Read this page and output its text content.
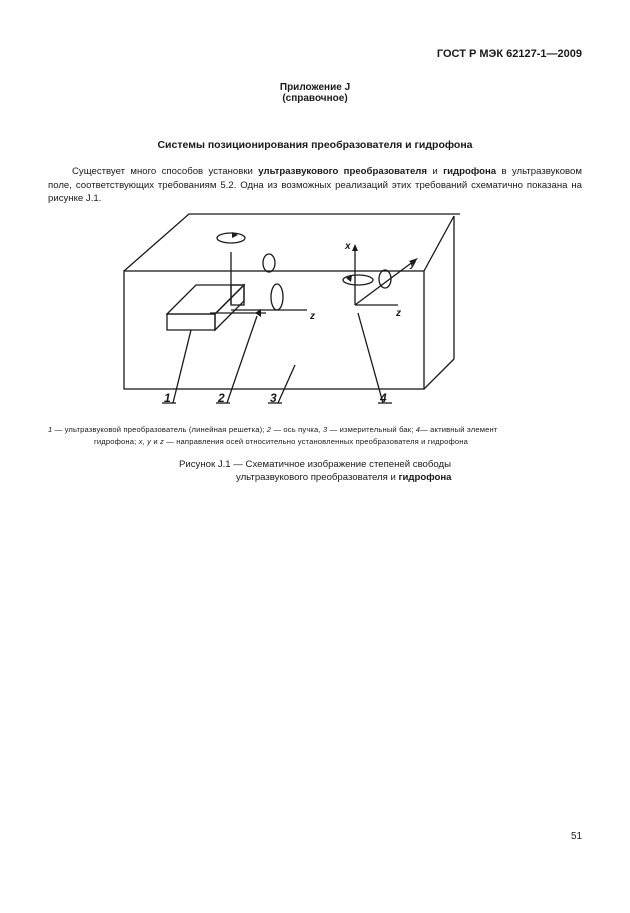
ГОСТ Р МЭК 62127-1—2009
Приложение J
(справочное)
Системы позиционирования преобразователя и гидрофона
Существует много способов установки ультразвукового преобразователя и гидрофона в ультразвуковом поле, соответствующих требованиям 5.2. Одна из возможных реализаций этих требований схематично показана на рисунке J.1.
x
y
z
z
1	2	3	4
1 — ультразвуковой преобразователь (линейная решетка); 2 — ось пучка, 3 — измерительный бак; 4— активный элемент
гидрофона; x, y и z — направления осей относительно установленных преобразователя и гидрофона
Рисунок J.1 — Схематичное изображение степеней свободы
ультразвукового преобразователя и гидрофона
51
